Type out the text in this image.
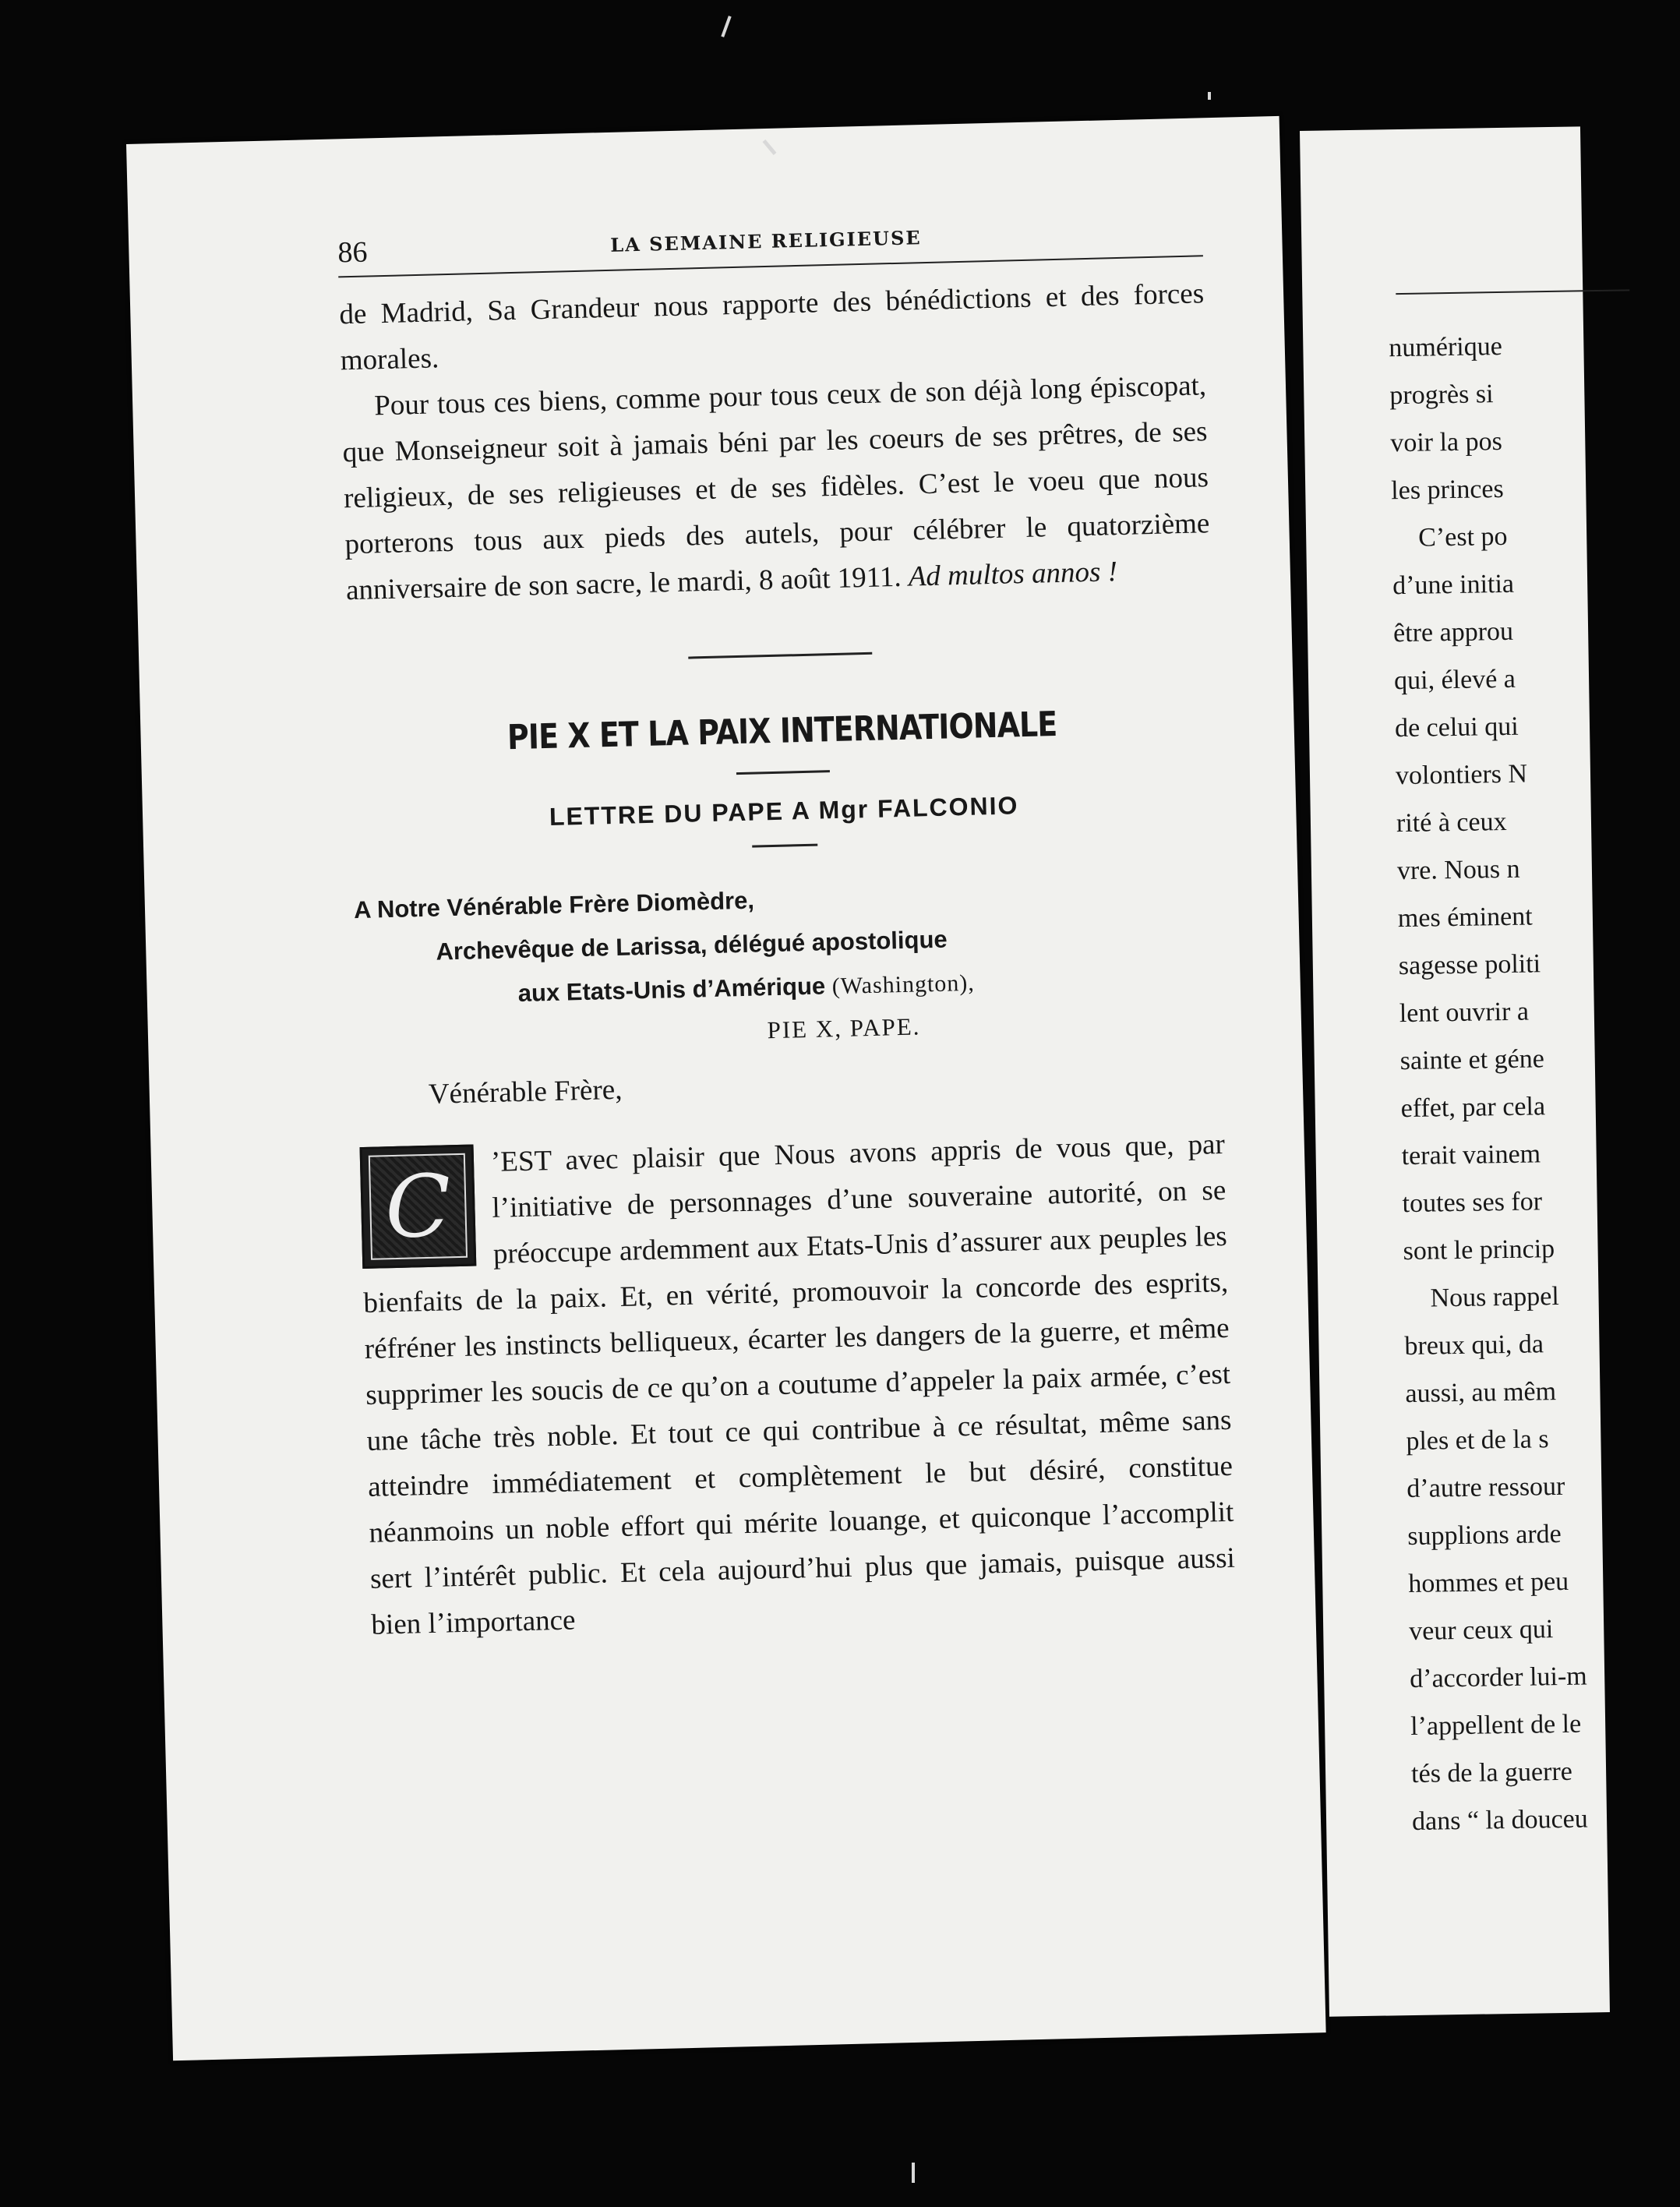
86	LA SEMAINE RELIGIEUSE

de Madrid, Sa Grandeur nous rapporte des bénédictions et des forces morales.

Pour tous ces biens, comme pour tous ceux de son déjà long épiscopat, que Monseigneur soit à jamais béni par les coeurs de ses prêtres, de ses religieux, de ses religieuses et de ses fidèles. C’est le voeu que nous porterons tous aux pieds des autels, pour célébrer le quatorzième anniversaire de son sacre, le mardi, 8 août 1911. Ad multos annos !

PIE X ET LA PAIX INTERNATIONALE
LETTRE DU PAPE A Mgr FALCONIO
A Notre Vénérable Frère Diomèdre,
Archevêque de Larissa, délégué apostolique
aux Etats-Unis d’Amérique (Washington),
PIE X, PAPE.
Vénérable Frère,
C

’EST avec plaisir que Nous avons appris de vous que, par l’initiative de personnages d’une souveraine autorité, on se préoccupe ardemment aux Etats-Unis d’assurer aux peuples les bienfaits de la paix. Et, en vérité, promouvoir la concorde des esprits, réfréner les instincts belliqueux, écarter les dangers de la guerre, et même supprimer les soucis de ce qu’on a coutume d’appeler la paix armée, c’est une tâche très noble. Et tout ce qui contribue à ce résultat, même sans atteindre immédiatement et complètement le but désiré, constitue néanmoins un noble effort qui mérite louange, et quiconque l’accomplit sert l’intérêt public. Et cela aujourd’hui plus que jamais, puisque aussi bien l’importance

numérique
progrès si
voir la pos
les princes
C’est po
d’une initia
être approu
qui, élevé a
de celui qui
volontiers N
rité à ceux
vre. Nous n
mes éminent
sagesse politi
lent ouvrir a
sainte et géne
effet, par cela
terait vainem
toutes ses for
sont le princip
Nous rappel
breux qui, da
aussi, au mêm
ples et de la s
d’autre ressour
supplions arde
hommes et peu
veur ceux qui
d’accorder lui-m
l’appellent de le
tés de la guerre
dans “ la douceu
